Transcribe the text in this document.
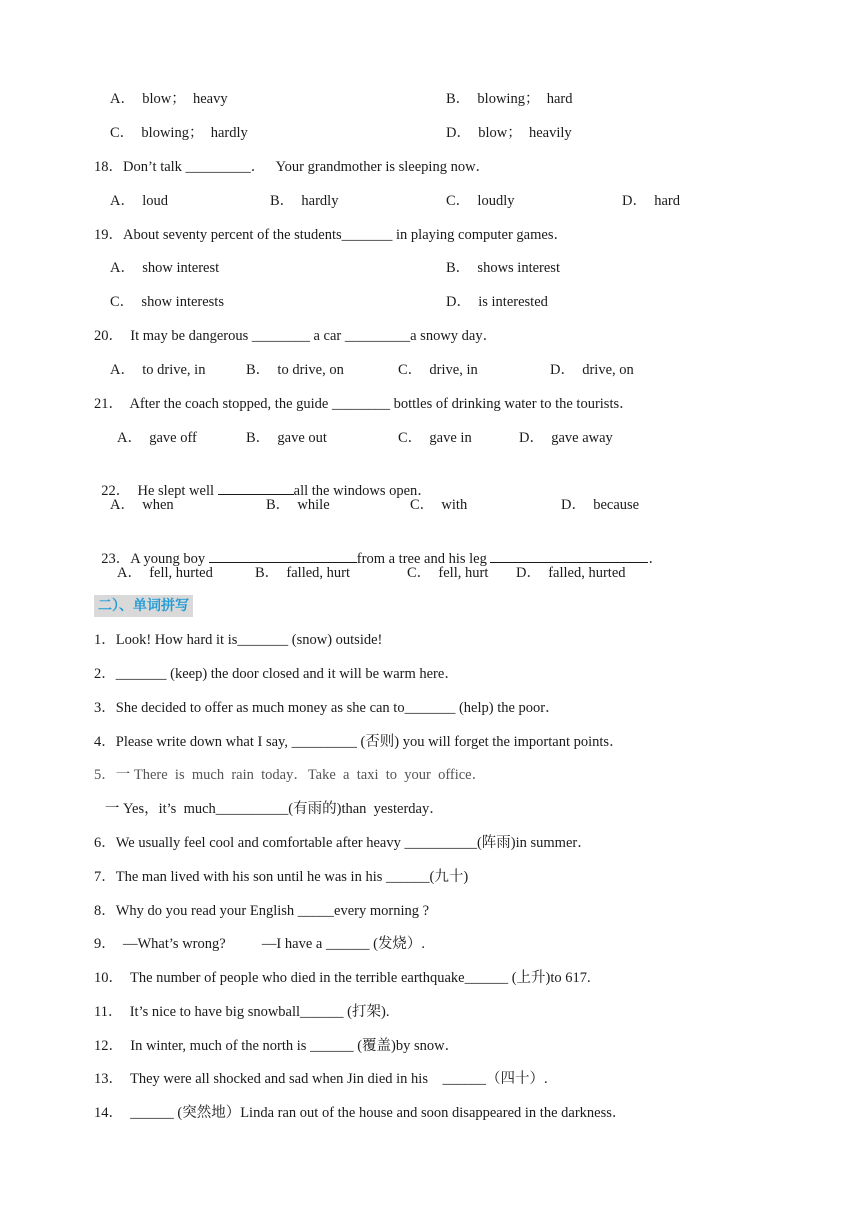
A．  blow；  heavy	B．  blowing；  hard
C．  blowing；  hardly	D．  blow；  heavily
18．Don’t talk _________．   Your grandmother is sleeping now．
A．  loud	B．  hardly	C．  loudly	D．  hard
19．About seventy percent of the students_______ in playing computer games．
A．  show interest	B．  shows interest
C．  show interests	D．  is interested
20．  It may be dangerous ________ a car _________a snowy day．
A．  to drive, in	B．  to drive, on	C．  drive, in	D．  drive, on
21．  After the coach stopped, the guide ________ bottles of drinking water to the tourists．
A．  gave off	B．  gave out	C．  gave in	D．  gave away

22．  He slept well	all the windows open．

A．  when	B．  while	C．  with	D．  because

23．A young boy	from a tree and his leg	．

A．  fell, hurted	B．  falled, hurt	C．  fell, hurt D．  falled, hurted
二）、单词拼写
1．Look! How hard it is_______ (snow) outside!
2．_______ (keep) the door closed and it will be warm here．
3．She decided to offer as much money as she can to_______ (help) the poor．
4．Please write down what I say, _________ (否则) you will forget the important points．
5．一 There  is  much  rain  today．Take  a  taxi  to  your  office．
一 Yes，it’s  much__________(有雨的)than  yesterday．
6．We usually feel cool and comfortable after heavy __________(阵雨)in summer．
7．The man lived with his son until he was in his ______(九十)
8．Why do you read your English _____every morning ?
9．  —What’s wrong?          —I have a ______ (发烧）.
10．  The number of people who died in the terrible earthquake______ (上升)to 617.
11．  It’s nice to have big snowball______ (打架).
12．  In winter, much of the north is ______ (覆盖)by snow．
13．  They were all shocked and sad when Jin died in his    ______（四十）.
14．  ______ (突然地）Linda ran out of the house and soon disappeared in the darkness．
